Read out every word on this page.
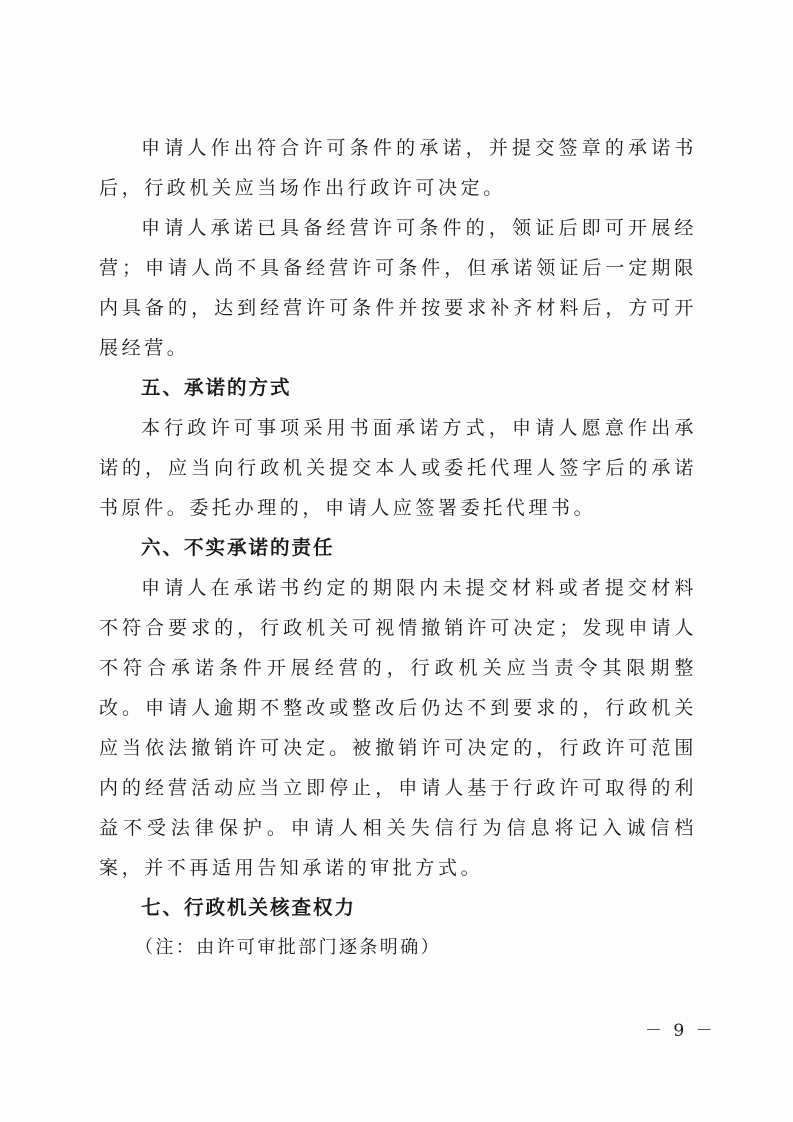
申请人作出符合许可条件的承诺，并提交签章的承诺书后，行政机关应当场作出行政许可决定。

申请人承诺已具备经营许可条件的，领证后即可开展经营；申请人尚不具备经营许可条件，但承诺领证后一定期限内具备的，达到经营许可条件并按要求补齐材料后，方可开展经营。

五、承诺的方式

本行政许可事项采用书面承诺方式，申请人愿意作出承诺的，应当向行政机关提交本人或委托代理人签字后的承诺书原件。委托办理的，申请人应签署委托代理书。

六、不实承诺的责任

申请人在承诺书约定的期限内未提交材料或者提交材料不符合要求的，行政机关可视情撤销许可决定；发现申请人不符合承诺条件开展经营的，行政机关应当责令其限期整改。申请人逾期不整改或整改后仍达不到要求的，行政机关应当依法撤销许可决定。被撤销许可决定的，行政许可范围内的经营活动应当立即停止，申请人基于行政许可取得的利益不受法律保护。申请人相关失信行为信息将记入诚信档案，并不再适用告知承诺的审批方式。

七、行政机关核查权力

（注：由许可审批部门逐条明确）

－ 9 －
